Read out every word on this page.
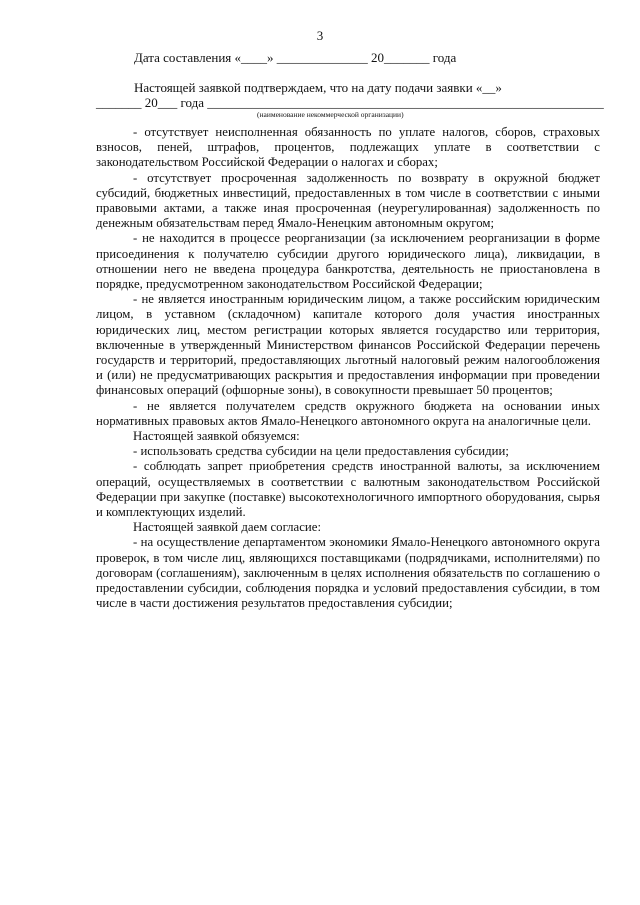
3
Дата составления «____» ______________ 20_______ года
Настоящей заявкой подтверждаем, что на дату подачи заявки «__»
_______ 20___ года _____________________________________________________________
(наименование некоммерческой организации)

- отсутствует неисполненная обязанность по уплате налогов, сборов, страховых взносов, пеней, штрафов, процентов, подлежащих уплате в соответствии с законодательством Российской Федерации о налогах и сборах;

- отсутствует просроченная задолженность по возврату в окружной бюджет субсидий, бюджетных инвестиций, предоставленных в том числе в соответствии с иными правовыми актами, а также иная просроченная (неурегулированная) задолженность по денежным обязательствам перед Ямало-Ненецким автономным округом;

- не находится в процессе реорганизации (за исключением реорганизации в форме присоединения к получателю субсидии другого юридического лица), ликвидации, в отношении него не введена процедура банкротства, деятельность не приостановлена в порядке, предусмотренном законодательством Российской Федерации;

- не является иностранным юридическим лицом, а также российским юридическим лицом, в уставном (складочном) капитале которого доля участия иностранных юридических лиц, местом регистрации которых является государство или территория, включенные в утвержденный Министерством финансов Российской Федерации перечень государств и территорий, предоставляющих льготный налоговый режим налогообложения и (или) не предусматривающих раскрытия и предоставления информации при проведении финансовых операций (офшорные зоны), в совокупности превышает 50 процентов;

- не является получателем средств окружного бюджета на основании иных нормативных правовых актов Ямало-Ненецкого автономного округа на аналогичные цели.

Настоящей заявкой обязуемся:

- использовать средства субсидии на цели предоставления субсидии;

- соблюдать запрет приобретения средств иностранной валюты, за исключением операций, осуществляемых в соответствии с валютным законодательством Российской Федерации при закупке (поставке) высокотехнологичного импортного оборудования, сырья и комплектующих изделий.

Настоящей заявкой даем согласие:

- на осуществление департаментом экономики Ямало-Ненецкого автономного округа проверок, в том числе лиц, являющихся поставщиками (подрядчиками, исполнителями) по договорам (соглашениям), заключенным в целях исполнения обязательств по соглашению о предоставлении субсидии, соблюдения порядка и условий предоставления субсидии, в том числе в части достижения результатов предоставления субсидии;
